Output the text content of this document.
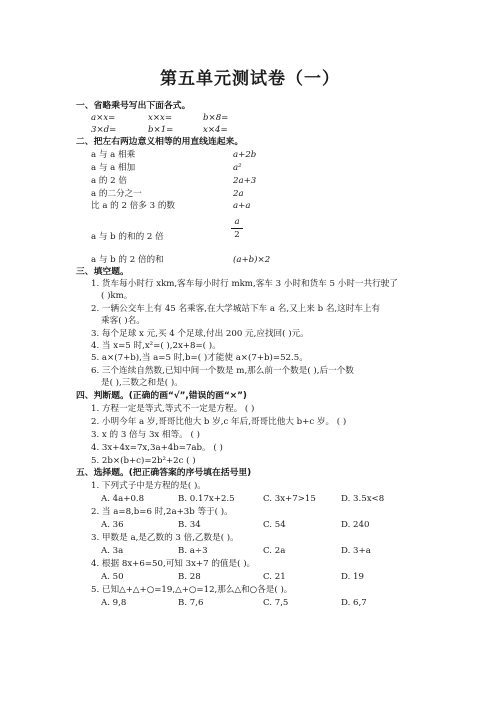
第五单元测试卷（一）
一、省略乘号写出下面各式。
a×x=	x×x=	b×8=
3×d=	b×1=	x×4=
二、把左右两边意义相等的用直线连起来。
a 与 a 相乘
a 与 a 相加
a 的 2 倍
a 的二分之一
比 a 的 2 倍多 3 的数
a 与 b 的和的 2 倍
a 与 b 的 2 倍的和
a+2b
a²
2a+3
2a
a+a
a
2
(a+b)×2
三、填空题。
1. 货车每小时行 xkm,客车每小时行 mkm,客车 3 小时和货车 5 小时一共行驶了
( )km。
2. 一辆公交车上有 45 名乘客,在大学城站下车 a 名,又上来 b 名,这时车上有
乘客( )名。
3. 每个足球 x 元,买 4 个足球,付出 200 元,应找回( )元。
4. 当 x=5 时,x²=( ),2x+8=( )。
5. a×(7+b),当 a=5 时,b=( )才能使 a×(7+b)=52.5。
6. 三个连续自然数,已知中间一个数是 m,那么前一个数是( ),后一个数
是( ),三数之和是( )。
四、判断题。(正确的画“√”,错误的画“×”)
1. 方程一定是等式,等式不一定是方程。 ( )
2. 小明今年 a 岁,哥哥比他大 b 岁,c 年后,哥哥比他大 b+c 岁。 ( )
3. x 的 3 倍与 3x 相等。 ( )
4. 3x+4x=7x,3a+4b=7ab。 ( )
5. 2b×(b+c)=2b²+2c ( )
五、选择题。(把正确答案的序号填在括号里)
1. 下列式子中是方程的是( )。
A. 4a+0.8	B. 0.17x+2.5	C. 3x+7>15	D. 3.5x<8
2. 当 a=8,b=6 时,2a+3b 等于( )。
A. 36	B. 34	C. 54	D. 240
3. 甲数是 a,是乙数的 3 倍,乙数是( )。
A. 3a	B. a÷3	C. 2a	D. 3+a
4. 根据 8x+6=50,可知 3x+7 的值是( )。
A. 50	B. 28	C. 21	D. 19
5. 已知△+△+○=19,△+○=12,那么△和○各是( )。
A. 9,8	B. 7,6	C. 7,5	D. 6,7
